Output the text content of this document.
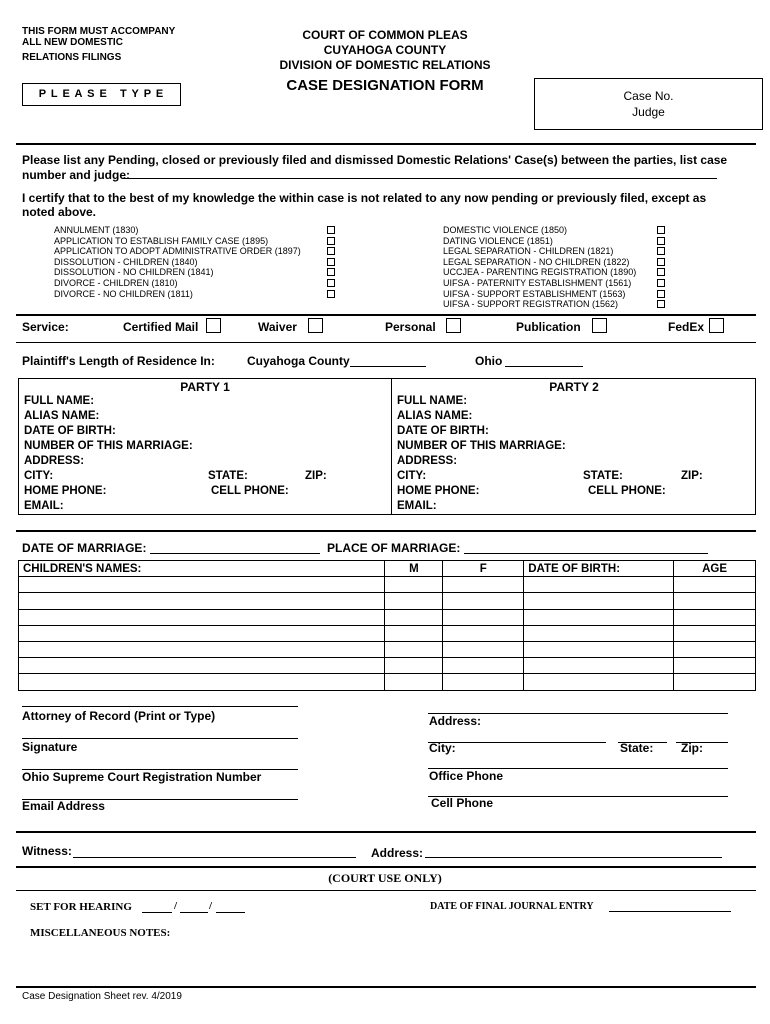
THIS FORM MUST ACCOMPANY
ALL NEW DOMESTIC
RELATIONS FILINGS
P L E A S E   T Y P E
COURT OF COMMON PLEAS
CUYAHOGA COUNTY
DIVISION OF DOMESTIC RELATIONS
CASE DESIGNATION FORM
Case No.
Judge
Please list any Pending, closed or previously filed and dismissed Domestic Relations' Case(s) between the parties, list case
number and judge:
I certify that to the best of my knowledge the within case is not related to any now pending or previously filed, except as
noted above.
ANNULMENT (1830)
APPLICATION TO ESTABLISH FAMILY CASE (1895)
APPLICATION TO ADOPT ADMINISTRATIVE ORDER (1897)
DISSOLUTION - CHILDREN (1840)
DISSOLUTION - NO CHILDREN (1841)
DIVORCE - CHILDREN (1810)
DIVORCE - NO CHILDREN (1811)
DOMESTIC VIOLENCE (1850)
DATING VIOLENCE (1851)
LEGAL SEPARATION - CHILDREN (1821)
LEGAL SEPARATION - NO CHILDREN (1822)
UCCJEA - PARENTING REGISTRATION (1890)
UIFSA - PATERNITY ESTABLISHMENT (1561)
UIFSA - SUPPORT ESTABLISHMENT (1563)
UIFSA - SUPPORT REGISTRATION (1562)
Service:	Certified Mail	Waiver	Personal	Publication	FedEx
Plaintiff's Length of Residence In:	Cuyahoga County	Ohio
PARTY 1	PARTY 2
FULL NAME:
ALIAS NAME:
DATE OF BIRTH:
NUMBER OF THIS MARRIAGE:
ADDRESS:
CITY:	STATE:	ZIP:
HOME PHONE:	CELL PHONE:
EMAIL:
FULL NAME:
ALIAS NAME:
DATE OF BIRTH:
NUMBER OF THIS MARRIAGE:
ADDRESS:
CITY:	STATE:	ZIP:
HOME PHONE:	CELL PHONE:
EMAIL:
DATE OF MARRIAGE:	PLACE OF MARRIAGE:
CHILDREN'S NAMES:	M	F	DATE OF BIRTH:	AGE

Attorney of Record (Print or Type)
Signature
Ohio Supreme Court Registration Number
Email Address
Address:
City:	State: Zip:
Office Phone
Cell Phone
Witness:	Address:
(COURT USE ONLY)
SET FOR HEARING	/	/	DATE OF FINAL JOURNAL ENTRY
MISCELLANEOUS NOTES:
Case Designation Sheet rev. 4/2019
